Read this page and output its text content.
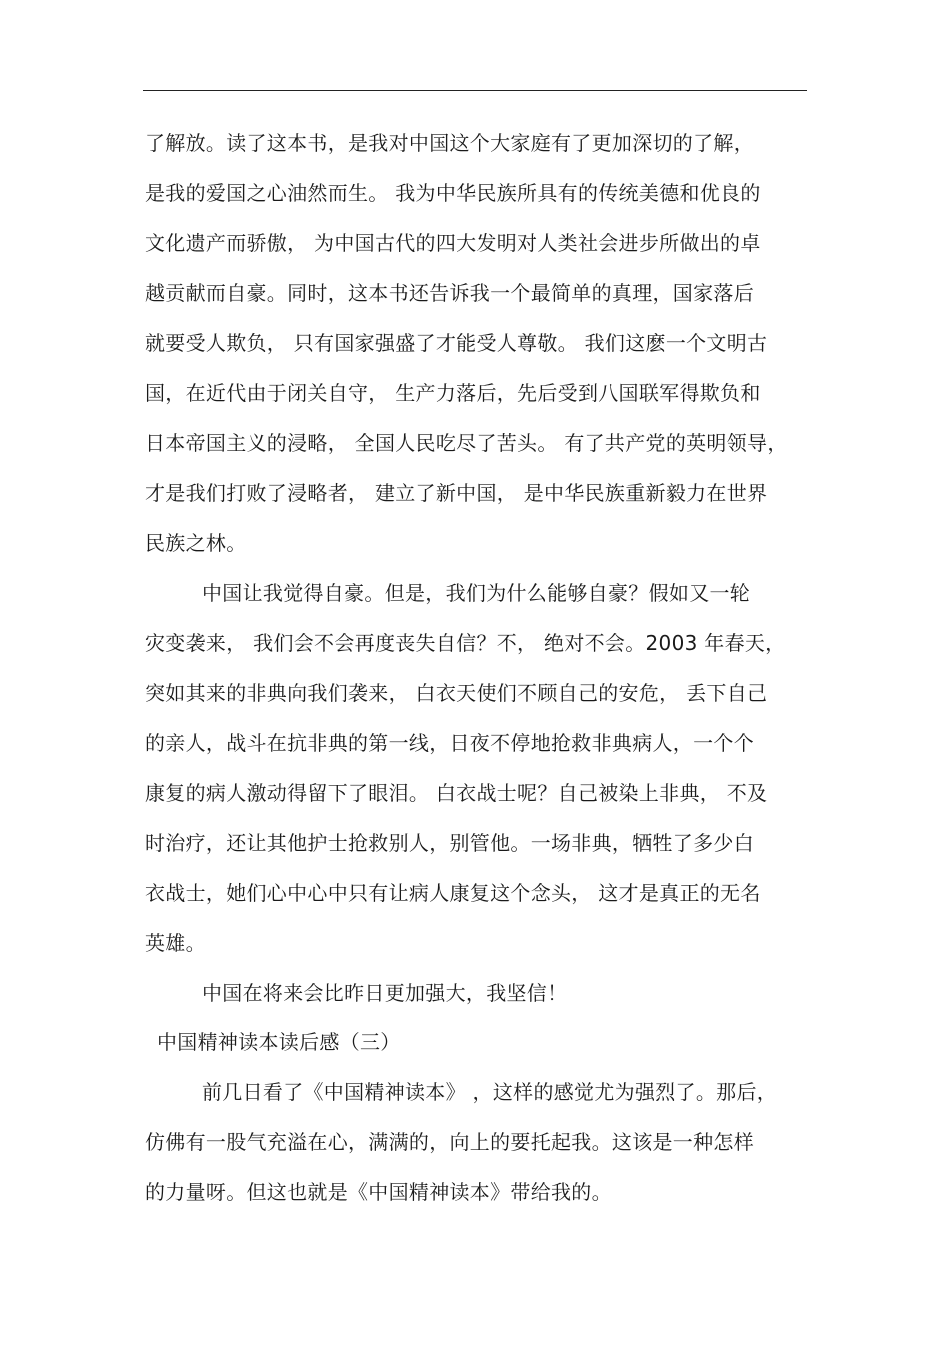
了解放。读了这本书，是我对中国这个大家庭有了更加深切的了解，
是我的爱国之心油然而生。 我为中华民族所具有的传统美德和优良的
文化遗产而骄傲， 为中国古代的四大发明对人类社会进步所做出的卓
越贡献而自豪。同时，这本书还告诉我一个最简单的真理，国家落后
就要受人欺负， 只有国家强盛了才能受人尊敬。 我们这麽一个文明古
国，在近代由于闭关自守， 生产力落后，先后受到八国联军得欺负和
日本帝国主义的浸略， 全国人民吃尽了苦头。 有了共产党的英明领导，
才是我们打败了浸略者， 建立了新中国， 是中华民族重新毅力在世界
民族之林。
中国让我觉得自豪。但是，我们为什么能够自豪？假如又一轮
灾变袭来， 我们会不会再度丧失自信？不， 绝对不会。2003 年春天，
突如其来的非典向我们袭来， 白衣天使们不顾自己的安危， 丢下自己
的亲人，战斗在抗非典的第一线，日夜不停地抢救非典病人，一个个
康复的病人激动得留下了眼泪。 白衣战士呢？自己被染上非典， 不及
时治疗，还让其他护士抢救别人，别管他。一场非典，牺牲了多少白
衣战士，她们心中心中只有让病人康复这个念头， 这才是真正的无名
英雄。
中国在将来会比昨日更加强大，我坚信！
中国精神读本读后感（三）
前几日看了《中国精神读本》 ，这样的感觉尤为强烈了。那后，
仿佛有一股气充溢在心，满满的，向上的要托起我。这该是一种怎样
的力量呀。但这也就是《中国精神读本》带给我的。
